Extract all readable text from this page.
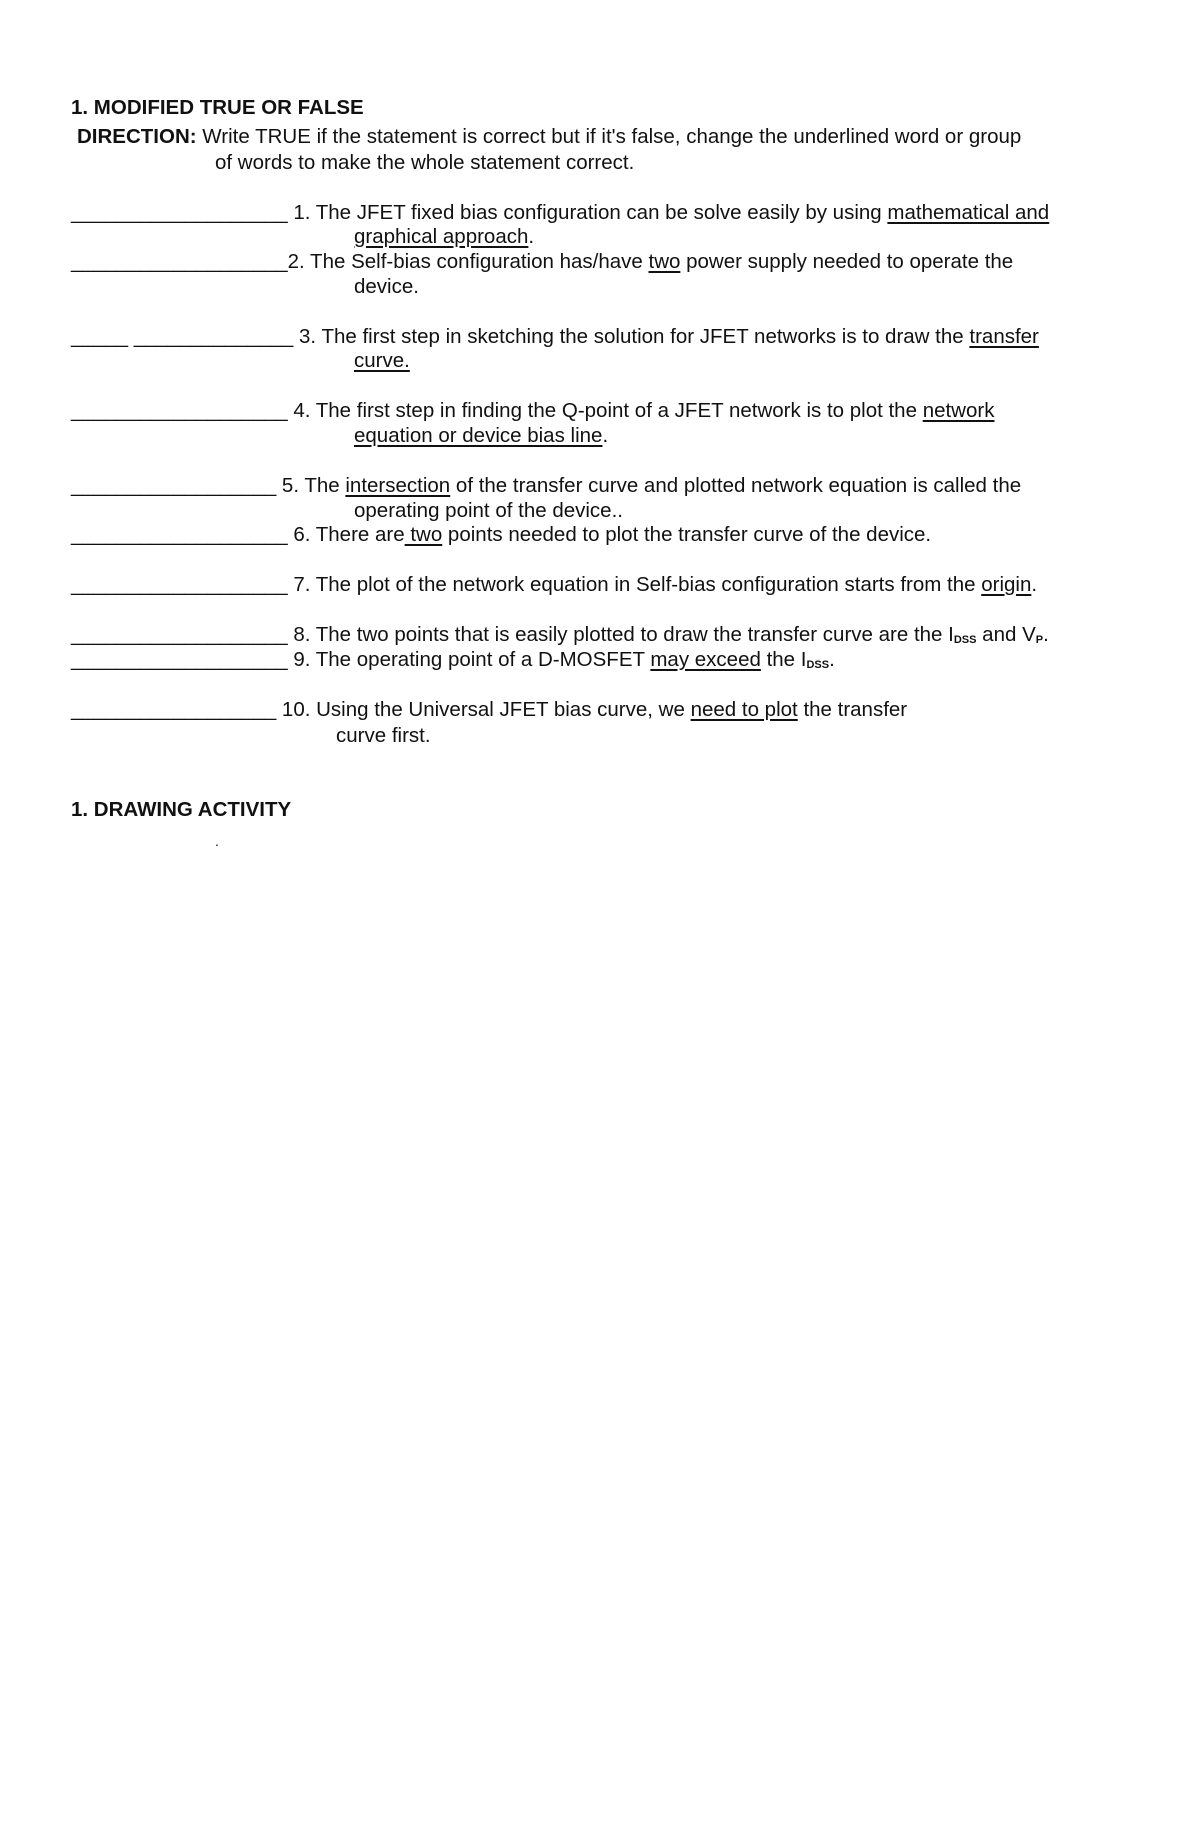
1. MODIFIED TRUE OR FALSE
DIRECTION: Write TRUE if the statement is correct but if it's false, change the underlined word or group
of words to make the whole statement correct.
___________________ 1. The JFET fixed bias configuration can be solve easily by using mathematical and
graphical approach.
___________________2. The Self-bias configuration has/have two power supply needed to operate the
device.
_____ ______________ 3. The first step in sketching the solution for JFET networks is to draw the transfer
curve.
___________________ 4. The first step in finding the Q-point of a JFET network is to plot the network
equation or device bias line.
__________________ 5. The intersection of the transfer curve and plotted network equation is called the
operating point of the device..
___________________ 6. There are two points needed to plot the transfer curve of the device.
___________________ 7. The plot of the network equation in Self-bias configuration starts from the origin.
___________________ 8. The two points that is easily plotted to draw the transfer curve are the $I_{DSS}$ and $V_P$.
___________________ 9. The operating point of a D-MOSFET may exceed the $I_{DSS}$.
__________________ 10. Using the Universal JFET bias curve, we need to plot the transfer
curve first.
1. DRAWING ACTIVITY
.
